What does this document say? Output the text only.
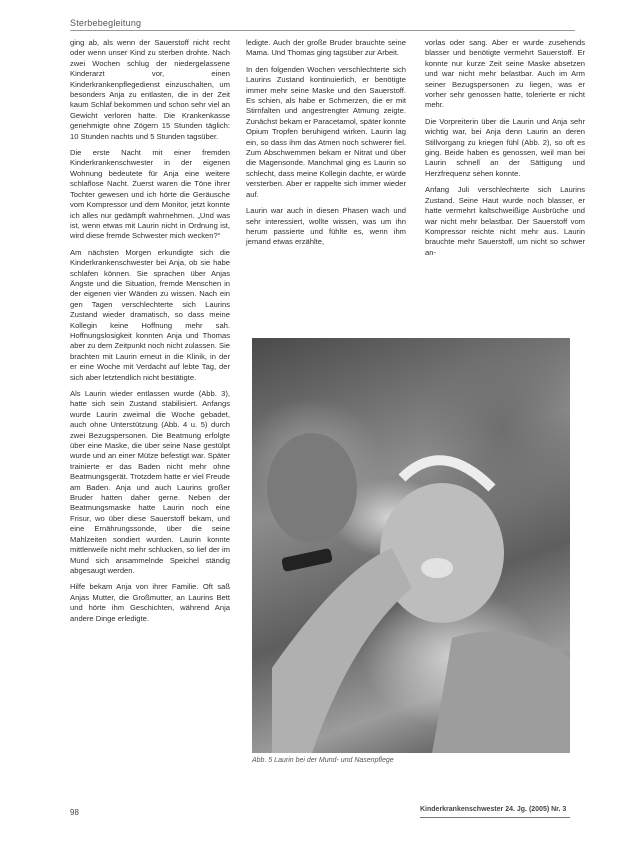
Sterbebegleitung

ging ab, als wenn der Sauerstoff nicht recht oder wenn unser Kind zu sterben drohte. Nach zwei Wochen schlug der niedergelassene Kinderarzt vor, einen Kinderkrankenpflegedienst einzuschalten, um besonders Anja zu entlasten, die in der Zeit kaum Schlaf bekommen und schon sehr viel an Gewicht verloren hatte. Die Krankenkasse genehmigte ohne Zögern 15 Stunden täglich: 10 Stunden nachts und 5 Stunden tagsüber.

Die erste Nacht mit einer fremden Kinderkrankenschwester in der eigenen Wohnung bedeutete für Anja eine weitere schlaflose Nacht. Zuerst waren die Töne ihrer Tochter gewesen und ich hörte die Geräusche vom Kompressor und dem Monitor, jetzt konnte ich alles nur gedämpft wahrnehmen. „Und was ist, wenn etwas mit Laurin nicht in Ordnung ist, wird diese fremde Schwester mich wecken?“

Am nächsten Morgen erkundigte sich die Kinderkrankenschwester bei Anja, ob sie habe schlafen können. Sie sprachen über Anjas Ängste und die Situation, fremde Menschen in der eigenen vier Wänden zu wissen. Nach ein gen Tagen verschlechterte sich Laurins Zustand wieder dramatisch, so dass meine Kollegin keine Hoffnung mehr sah. Hoffnungslosigkeit konnten Anja und Thomas aber zu dem Zeitpunkt noch nicht zulassen. Sie brachten mit Laurin erneut in die Klinik, in der er eine Woche mit Verdacht auf lebte Tag, der sich aber letztendlich nicht bestätigte.

Als Laurin wieder entlassen wurde (Abb. 3), hatte sich sein Zustand stabilisiert. Anfangs wurde Laurin zweimal die Woche gebadet, auch ohne Unterstützung (Abb. 4 u. 5) durch zwei Bezugspersonen. Die Beatmung erfolgte über eine Maske, die über seine Nase gestülpt wurde und an einer Mütze befestigt war. Später trainierte er das Baden nicht mehr ohne Beatmungsgerät. Trotzdem hatte er viel Freude am Baden. Anja und auch Laurins großer Bruder hatten daher gerne. Neben der Beatmungsmaske hatte Laurin noch eine Frisur, wo über diese Sauerstoff bekam, und eine Ernährungssonde, über die seine Mahlzeiten sondiert wurden. Laurin konnte mittlerweile nicht mehr schlucken, so lief der im Mund sich ansammelnde Speichel ständig abgesaugt werden.

Hilfe bekam Anja von ihrer Familie. Oft saß Anjas Mutter, die Großmutter, an Laurins Bett und hörte ihm Geschichten, während Anja andere Dinge erledigte.

ledigte. Auch der große Bruder brauchte seine Mama. Und Thomas ging tagsüber zur Arbeit.

In den folgenden Wochen verschlechterte sich Laurins Zustand kontinuierlich, er benötigte immer mehr seine Maske und den Sauerstoff. Es schien, als habe er Schmerzen, die er mit Stirnfalten und angestrengter Atmung zeigte. Zunächst bekam er Paracetamol, später konnte Opium Tropfen beruhigend wirken. Laurin lag ein, so dass ihm das Atmen noch schwerer fiel. Zum Abschwemmen bekam er Nitrat und über die Magensonde. Manchmal ging es Laurin so schlecht, dass meine Kollegin dachte, er würde versterben. Aber er rappelte sich immer wieder auf.

Laurin war auch in diesen Phasen wach und sehr interessiert, wollte wissen, was um ihn herum passierte und fühlte es, wenn ihm jemand etwas erzählte,

vorlas oder sang. Aber er wurde zusehends blasser und benötigte vermehrt Sauerstoff. Er konnte nur kurze Zeit seine Maske absetzen und war nicht mehr belastbar. Auch im Arm seiner Bezugspersonen zu liegen, was er vorher sehr genossen hatte, tolerierte er nicht mehr.

Die Vorpreiterin über die Laurin und Anja sehr wichtig war, bei Anja denn Laurin an deren Stillvorgang zu kriegen fühl (Abb. 2), so oft es ging. Beide haben es genossen, weil man bei Laurin schnell an der Sättigung und Herzfrequenz sehen konnte.

Anfang Juli verschlechterte sich Laurins Zustand. Seine Haut wurde noch blasser, er hatte vermehrt kaltschweißige Ausbrüche und war nicht mehr belastbar. Der Sauerstoff vom Kompressor reichte nicht mehr aus. Laurin brauchte mehr Sauerstoff, um nicht so schwer an-

Abb. 5 Laurin bei der Mund- und Nasenpflege
98	Kinderkrankenschwester 24. Jg. (2005) Nr. 3
